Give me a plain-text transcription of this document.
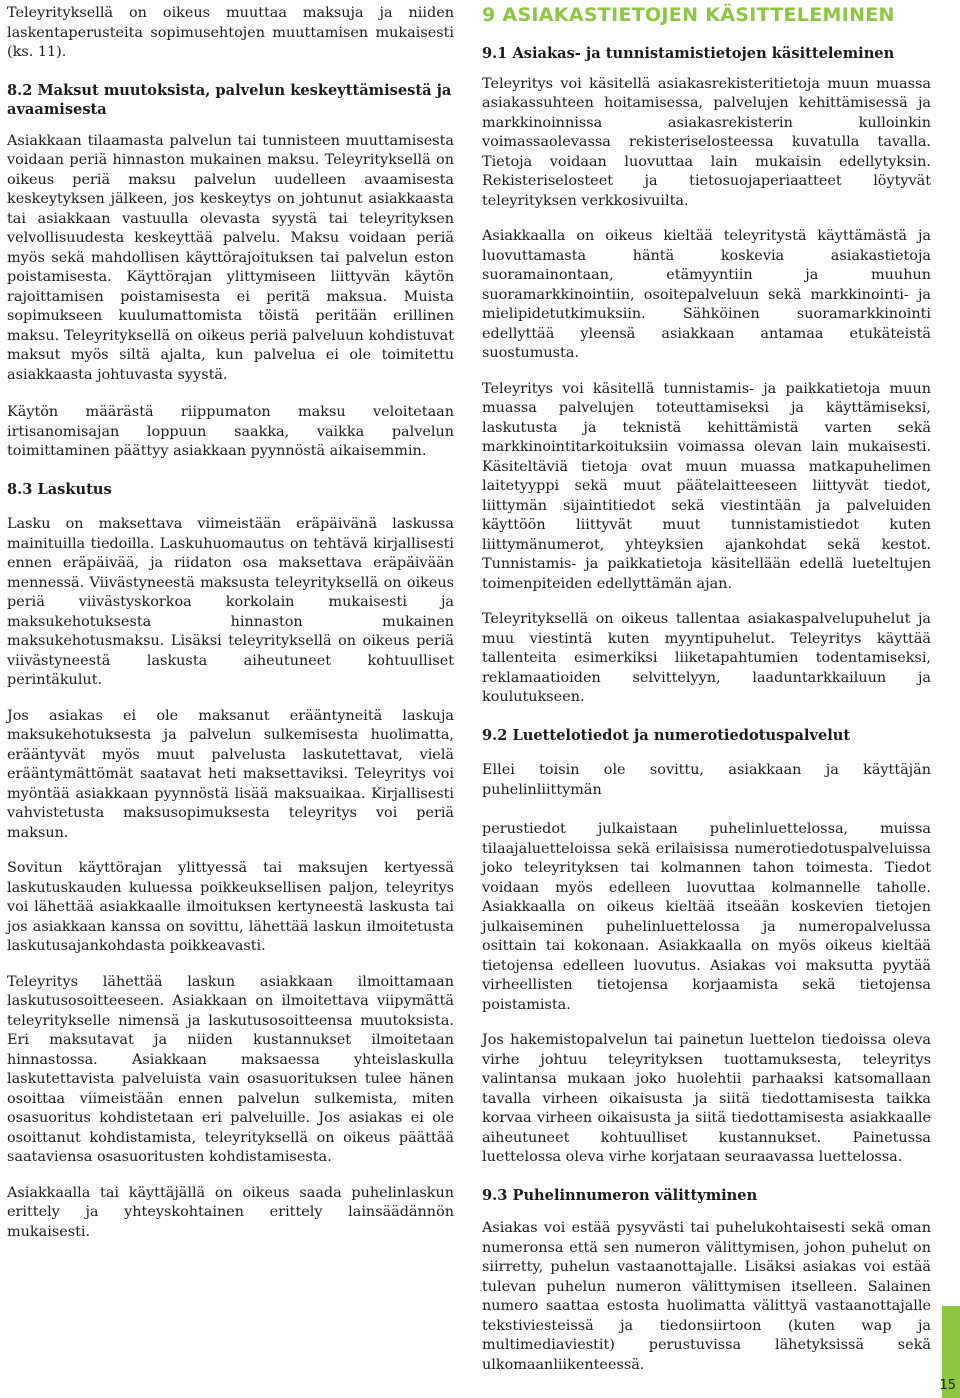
Teleyrityksellä on oikeus muuttaa maksuja ja niiden laskentaperusteita sopimusehtojen muuttamisen mukaisesti (ks. 11).

8.2 Maksut muutoksista, palvelun keskeyttämisestä ja avaamisesta

Asiakkaan tilaamasta palvelun tai tunnisteen muuttamisesta voidaan periä hinnaston mukainen maksu. Teleyrityksellä on oikeus periä maksu palvelun uudelleen avaamisesta keskeytyksen jälkeen, jos keskeytys on johtunut asiakkaasta tai asiakkaan vastuulla olevasta syystä tai teleyrityksen velvollisuudesta keskeyttää palvelu. Maksu voidaan periä myös sekä mahdollisen käyttörajoituksen tai palvelun eston poistamisesta. Käyttörajan ylittymiseen liittyvän käytön rajoittamisen poistamisesta ei peritä maksua. Muista sopimukseen kuulumattomista töistä peritään erillinen maksu. Teleyrityksellä on oikeus periä palveluun kohdistuvat maksut myös siltä ajalta, kun palvelua ei ole toimitettu asiakkaasta johtuvasta syystä.

Käytön määrästä riippumaton maksu veloitetaan irtisanomisajan loppuun saakka, vaikka palvelun toimittaminen päättyy asiakkaan pyynnöstä aikaisemmin.

8.3 Laskutus

Lasku on maksettava viimeistään eräpäivänä laskussa mainituilla tiedoilla. Laskuhuomautus on tehtävä kirjallisesti ennen eräpäivää, ja riidaton osa maksettava eräpäivään mennessä. Viivästyneestä maksusta teleyrityksellä on oikeus periä viivästyskorkoa korkolain mukaisesti ja maksukehotuksesta hinnaston mukainen maksukehotusmaksu. Lisäksi teleyrityksellä on oikeus periä viivästyneestä laskusta aiheutuneet kohtuulliset perintäkulut.

Jos asiakas ei ole maksanut erääntyneitä laskuja maksukehotuksesta ja palvelun sulkemisesta huolimatta, erääntyvät myös muut palvelusta laskutettavat, vielä erääntymättömät saatavat heti maksettaviksi. Teleyritys voi myöntää asiakkaan pyynnöstä lisää maksuaikaa. Kirjallisesti vahvistetusta maksusopimuksesta teleyritys voi periä maksun.

Sovitun käyttörajan ylittyessä tai maksujen kertyessä laskutuskauden kuluessa poikkeuksellisen paljon, teleyritys voi lähettää asiakkaalle ilmoituksen kertyneestä laskusta tai jos asiakkaan kanssa on sovittu, lähettää laskun ilmoitetusta laskutusajankohdasta poikkeavasti.

Teleyritys lähettää laskun asiakkaan ilmoittamaan laskutusosoitteeseen. Asiakkaan on ilmoitettava viipymättä teleyritykselle nimensä ja laskutusosoitteensa muutoksista. Eri maksutavat ja niiden kustannukset ilmoitetaan hinnastossa. Asiakkaan maksaessa yhteislaskulla laskutettavista palveluista vain osasuorituksen tulee hänen osoittaa viimeistään ennen palvelun sulkemista, miten osasuoritus kohdistetaan eri palveluille. Jos asiakas ei ole osoittanut kohdistamista, teleyrityksellä on oikeus päättää saataviensa osasuoritusten kohdistamisesta.

Asiakkaalla tai käyttäjällä on oikeus saada puhelinlaskun erittely ja yhteyskohtainen erittely lainsäädännön mukaisesti.

9 ASIAKASTIETOJEN KÄSITTELEMINEN
9.1 Asiakas- ja tunnistamistietojen käsitteleminen

Teleyritys voi käsitellä asiakasrekisteritietoja muun muassa asiakassuhteen hoitamisessa, palvelujen kehittämisessä ja markkinoinnissa asiakasrekisterin kulloinkin voimassaolevassa rekisteriselosteessa kuvatulla tavalla. Tietoja voidaan luovuttaa lain mukaisin edellytyksin. Rekisteriselosteet ja tietosuojaperiaatteet löytyvät teleyrityksen verkkosivuilta.

Asiakkaalla on oikeus kieltää teleyritystä käyttämästä ja luovuttamasta häntä koskevia asiakastietoja suoramainontaan, etämyyntiin ja muuhun suoramarkkinointiin, osoitepalveluun sekä markkinointi- ja mielipidetutkimuksiin. Sähköinen suoramarkkinointi edellyttää yleensä asiakkaan antamaa etukäteistä suostumusta.

Teleyritys voi käsitellä tunnistamis- ja paikkatietoja muun muassa palvelujen toteuttamiseksi ja käyttämiseksi, laskutusta ja teknistä kehittämistä varten sekä markkinointitarkoituksiin voimassa olevan lain mukaisesti. Käsiteltäviä tietoja ovat muun muassa matkapuhelimen laitetyyppi sekä muut päätelaitteeseen liittyvät tiedot, liittymän sijaintitiedot sekä viestintään ja palveluiden käyttöön liittyvät muut tunnistamistiedot kuten liittymänumerot, yhteyksien ajankohdat sekä kestot. Tunnistamis- ja paikkatietoja käsitellään edellä lueteltujen toimenpiteiden edellyttämän ajan.

Teleyrityksellä on oikeus tallentaa asiakaspalvelupuhelut ja muu viestintä kuten myyntipuhelut. Teleyritys käyttää tallenteita esimerkiksi liiketapahtumien todentamiseksi, reklamaatioiden selvittelyyn, laaduntarkkailuun ja koulutukseen.

9.2 Luettelotiedot ja numerotiedotuspalvelut

Ellei toisin ole sovittu, asiakkaan ja käyttäjän puhelinliittymän

perustiedot julkaistaan puhelinluettelossa, muissa tilaajaluetteloissa sekä erilaisissa numerotiedotuspalveluissa joko teleyrityksen tai kolmannen tahon toimesta. Tiedot voidaan myös edelleen luovuttaa kolmannelle taholle. Asiakkaalla on oikeus kieltää itseään koskevien tietojen julkaiseminen puhelinluettelossa ja numeropalvelussa osittain tai kokonaan. Asiakkaalla on myös oikeus kieltää tietojensa edelleen luovutus. Asiakas voi maksutta pyytää virheellisten tietojensa korjaamista sekä tietojensa poistamista.

Jos hakemistopalvelun tai painetun luettelon tiedoissa oleva virhe johtuu teleyrityksen tuottamuksesta, teleyritys valintansa mukaan joko huolehtii parhaaksi katsomallaan tavalla virheen oikaisusta ja siitä tiedottamisesta taikka korvaa virheen oikaisusta ja siitä tiedottamisesta asiakkaalle aiheutuneet kohtuulliset kustannukset. Painetussa luettelossa oleva virhe korjataan seuraavassa luettelossa.

9.3 Puhelinnumeron välittyminen

Asiakas voi estää pysyvästi tai puhelukohtaisesti sekä oman numeronsa että sen numeron välittymisen, johon puhelut on siirretty, puhelun vastaanottajalle. Lisäksi asiakas voi estää tulevan puhelun numeron välittymisen itselleen. Salainen numero saattaa estosta huolimatta välittyä vastaanottajalle tekstiviesteissä ja tiedonsiirtoon (kuten wap ja multimediaviestit) perustuvissa lähetyksissä sekä ulkomaanliikenteessä.

15
